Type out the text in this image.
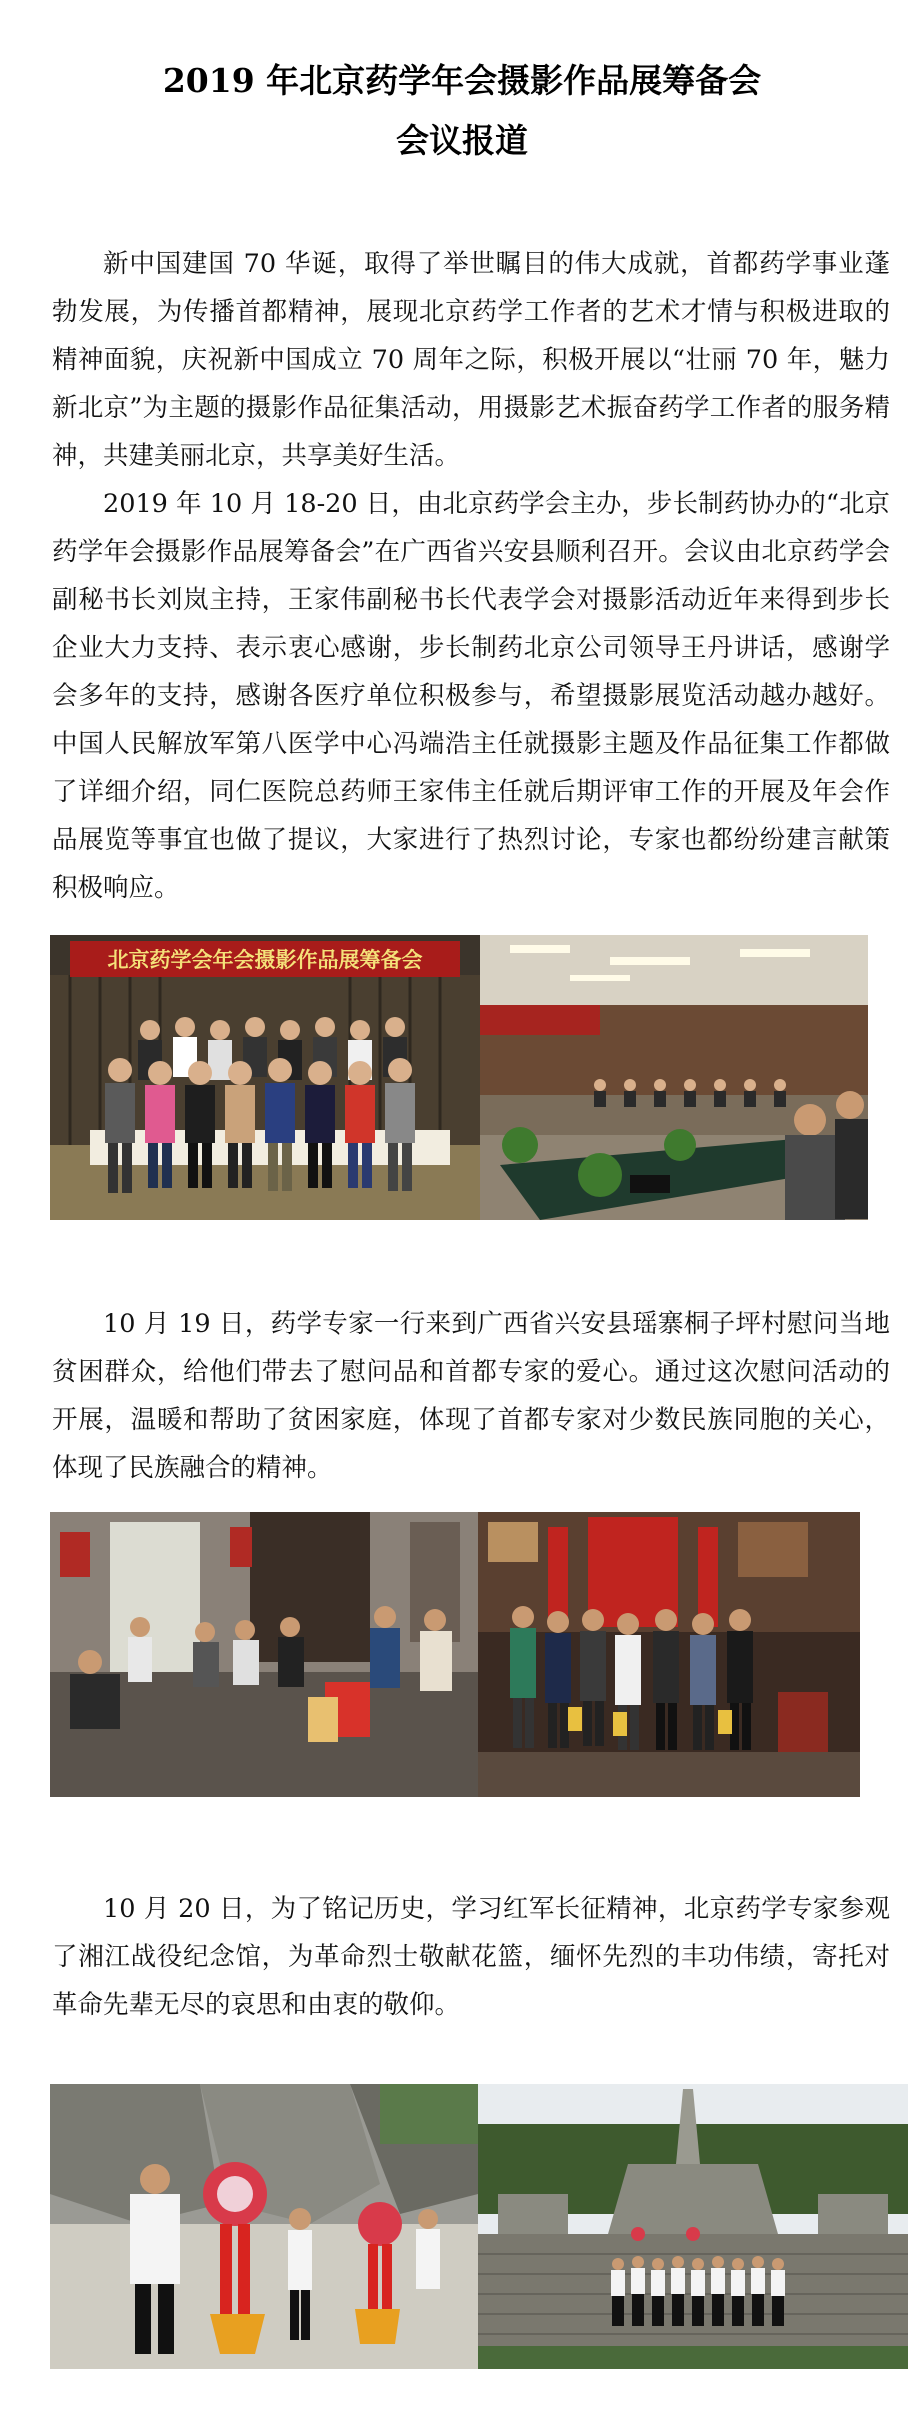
2019 年北京药学年会摄影作品展筹备会
会议报道

新中国建国 70 华诞，取得了举世瞩目的伟大成就，首都药学事业蓬勃发展，为传播首都精神，展现北京药学工作者的艺术才情与积极进取的精神面貌，庆祝新中国成立 70 周年之际，积极开展以“壮丽 70 年，魅力新北京”为主题的摄影作品征集活动，用摄影艺术振奋药学工作者的服务精神，共建美丽北京，共享美好生活。

2019 年 10 月 18-20 日，由北京药学会主办，步长制药协办的“北京药学年会摄影作品展筹备会”在广西省兴安县顺利召开。会议由北京药学会副秘书长刘岚主持，王家伟副秘书长代表学会对摄影活动近年来得到步长企业大力支持、表示衷心感谢，步长制药北京公司领导王丹讲话，感谢学会多年的支持，感谢各医疗单位积极参与，希望摄影展览活动越办越好。中国人民解放军第八医学中心冯端浩主任就摄影主题及作品征集工作都做了详细介绍，同仁医院总药师王家伟主任就后期评审工作的开展及年会作品展览等事宜也做了提议，大家进行了热烈讨论，专家也都纷纷建言献策积极响应。

北京药学会年会摄影作品展筹备会

10 月 19 日，药学专家一行来到广西省兴安县瑶寨桐子坪村慰问当地贫困群众，给他们带去了慰问品和首都专家的爱心。通过这次慰问活动的开展，温暖和帮助了贫困家庭，体现了首都专家对少数民族同胞的关心，体现了民族融合的精神。

10 月 20 日，为了铭记历史，学习红军长征精神，北京药学专家参观了湘江战役纪念馆，为革命烈士敬献花篮，缅怀先烈的丰功伟绩，寄托对革命先辈无尽的哀思和由衷的敬仰。
